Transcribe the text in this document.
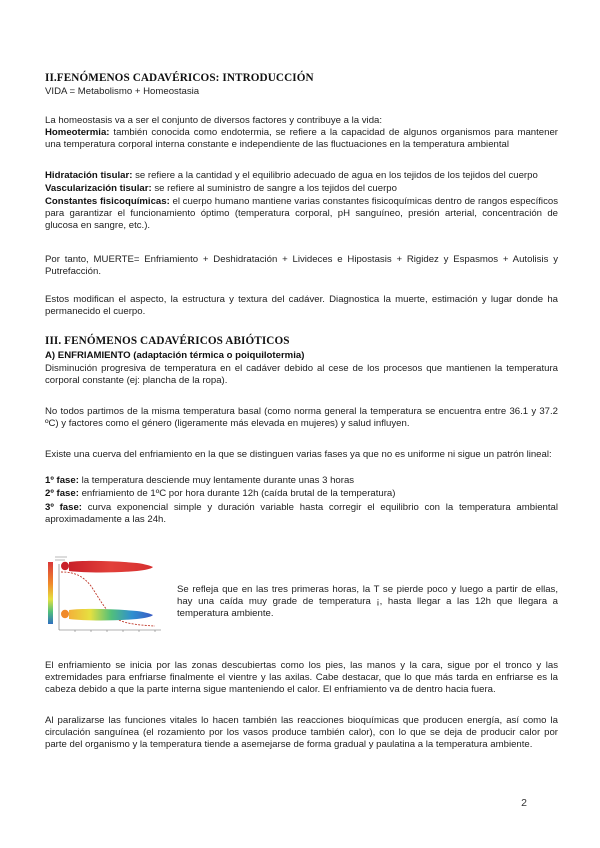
II.FENÓMENOS CADAVÉRICOS: INTRODUCCIÓN

VIDA = Metabolismo + Homeostasia

La homeostasis va a ser el conjunto de diversos factores y contribuye a la vida:

Homeotermia: también conocida como endotermia, se refiere a la capacidad de algunos organismos para mantener una temperatura corporal interna constante e independiente de las fluctuaciones en la temperatura ambiental

Hidratación tisular: se refiere a la cantidad y el equilibrio adecuado de agua en los tejidos de los tejidos del cuerpo

Vascularización tisular: se refiere al suministro de sangre a los tejidos del cuerpo

Constantes fisicoquímicas: el cuerpo humano mantiene varias constantes fisicoquímicas dentro de rangos específicos para garantizar el funcionamiento óptimo (temperatura corporal, pH sanguíneo, presión arterial, concentración de glucosa en sangre, etc.).

Por tanto, MUERTE= Enfriamiento + Deshidratación + Livideces e Hipostasis + Rigidez y Espasmos + Autolisis y Putrefacción.

Estos modifican el aspecto, la estructura y textura del cadáver. Diagnostica la muerte, estimación y lugar donde ha permanecido el cuerpo.

III. FENÓMENOS CADAVÉRICOS ABIÓTICOS

A) ENFRIAMIENTO (adaptación térmica o poiquilotermia)

Disminución progresiva de temperatura en el cadáver debido al cese de los procesos que mantienen la temperatura corporal constante (ej: plancha de la ropa).

No todos partimos de la misma temperatura basal (como norma general la temperatura se encuentra entre 36.1 y 37.2 ºC) y factores como el género (ligeramente más elevada en mujeres) y salud influyen.

Existe una cuerva del enfriamiento en la que se distinguen varias fases ya que no es uniforme ni sigue un patrón lineal:

1º fase: la temperatura desciende muy lentamente durante unas 3 horas

2º fase: enfriamiento de 1ºC por hora durante 12h (caída brutal de la temperatura)

3º fase: curva exponencial simple y duración variable hasta corregir el equilibrio con la temperatura ambiental aproximadamente a las 24h.

Se refleja que en las tres primeras horas, la T se pierde poco y luego a partir de ellas, hay una caída muy grade de temperatura ¡, hasta llegar a las 12h que llegara a temperatura ambiente.

El enfriamiento se inicia por las zonas descubiertas como los pies, las manos y la cara, sigue por el tronco y las extremidades para enfriarse finalmente el vientre y las axilas. Cabe destacar, que lo que más tarda en enfriarse es la cabeza debido a que la parte interna sigue manteniendo el calor. El enfriamiento va de dentro hacia fuera.

Al paralizarse las funciones vitales lo hacen también las reacciones bioquímicas que producen energía, así como la circulación sanguínea (el rozamiento por los vasos produce también calor), con lo que se deja de producir calor por parte del organismo y la temperatura tiende a asemejarse de forma gradual y paulatina a la temperatura ambiente.

2
